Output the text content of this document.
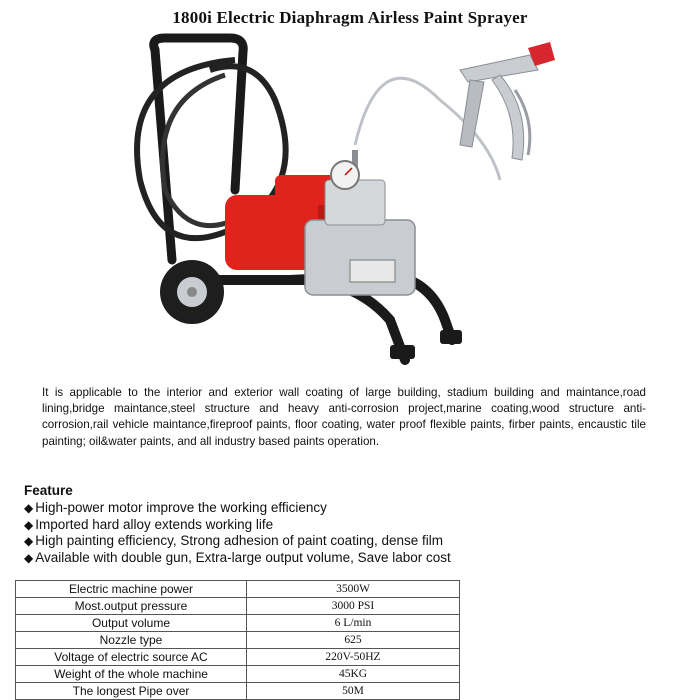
1800i Electric Diaphragm Airless Paint Sprayer
It is applicable to the interior and exterior wall coating of large building, stadium building and maintance,road lining,bridge maintance,steel structure and heavy anti-corrosion project,marine coating,wood structure anti-corrosion,rail vehicle maintance,fireproof paints, floor coating, water proof flexible paints, firber paints, encaustic tile painting; oil&water paints, and all industry based paints operation.
Feature
◆ High-power motor improve the working efficiency
◆ Imported hard alloy extends working life
◆ High painting efficiency, Strong adhesion of paint coating, dense film
◆ Available with double gun, Extra-large output volume, Save labor cost
Electric machine power	3500W
Most.output pressure	3000 PSI
Output volume	6 L/min
Nozzle type	625
Voltage of electric source AC	220V-50HZ
Weight of the whole machine	45KG
The longest Pipe over	50M
